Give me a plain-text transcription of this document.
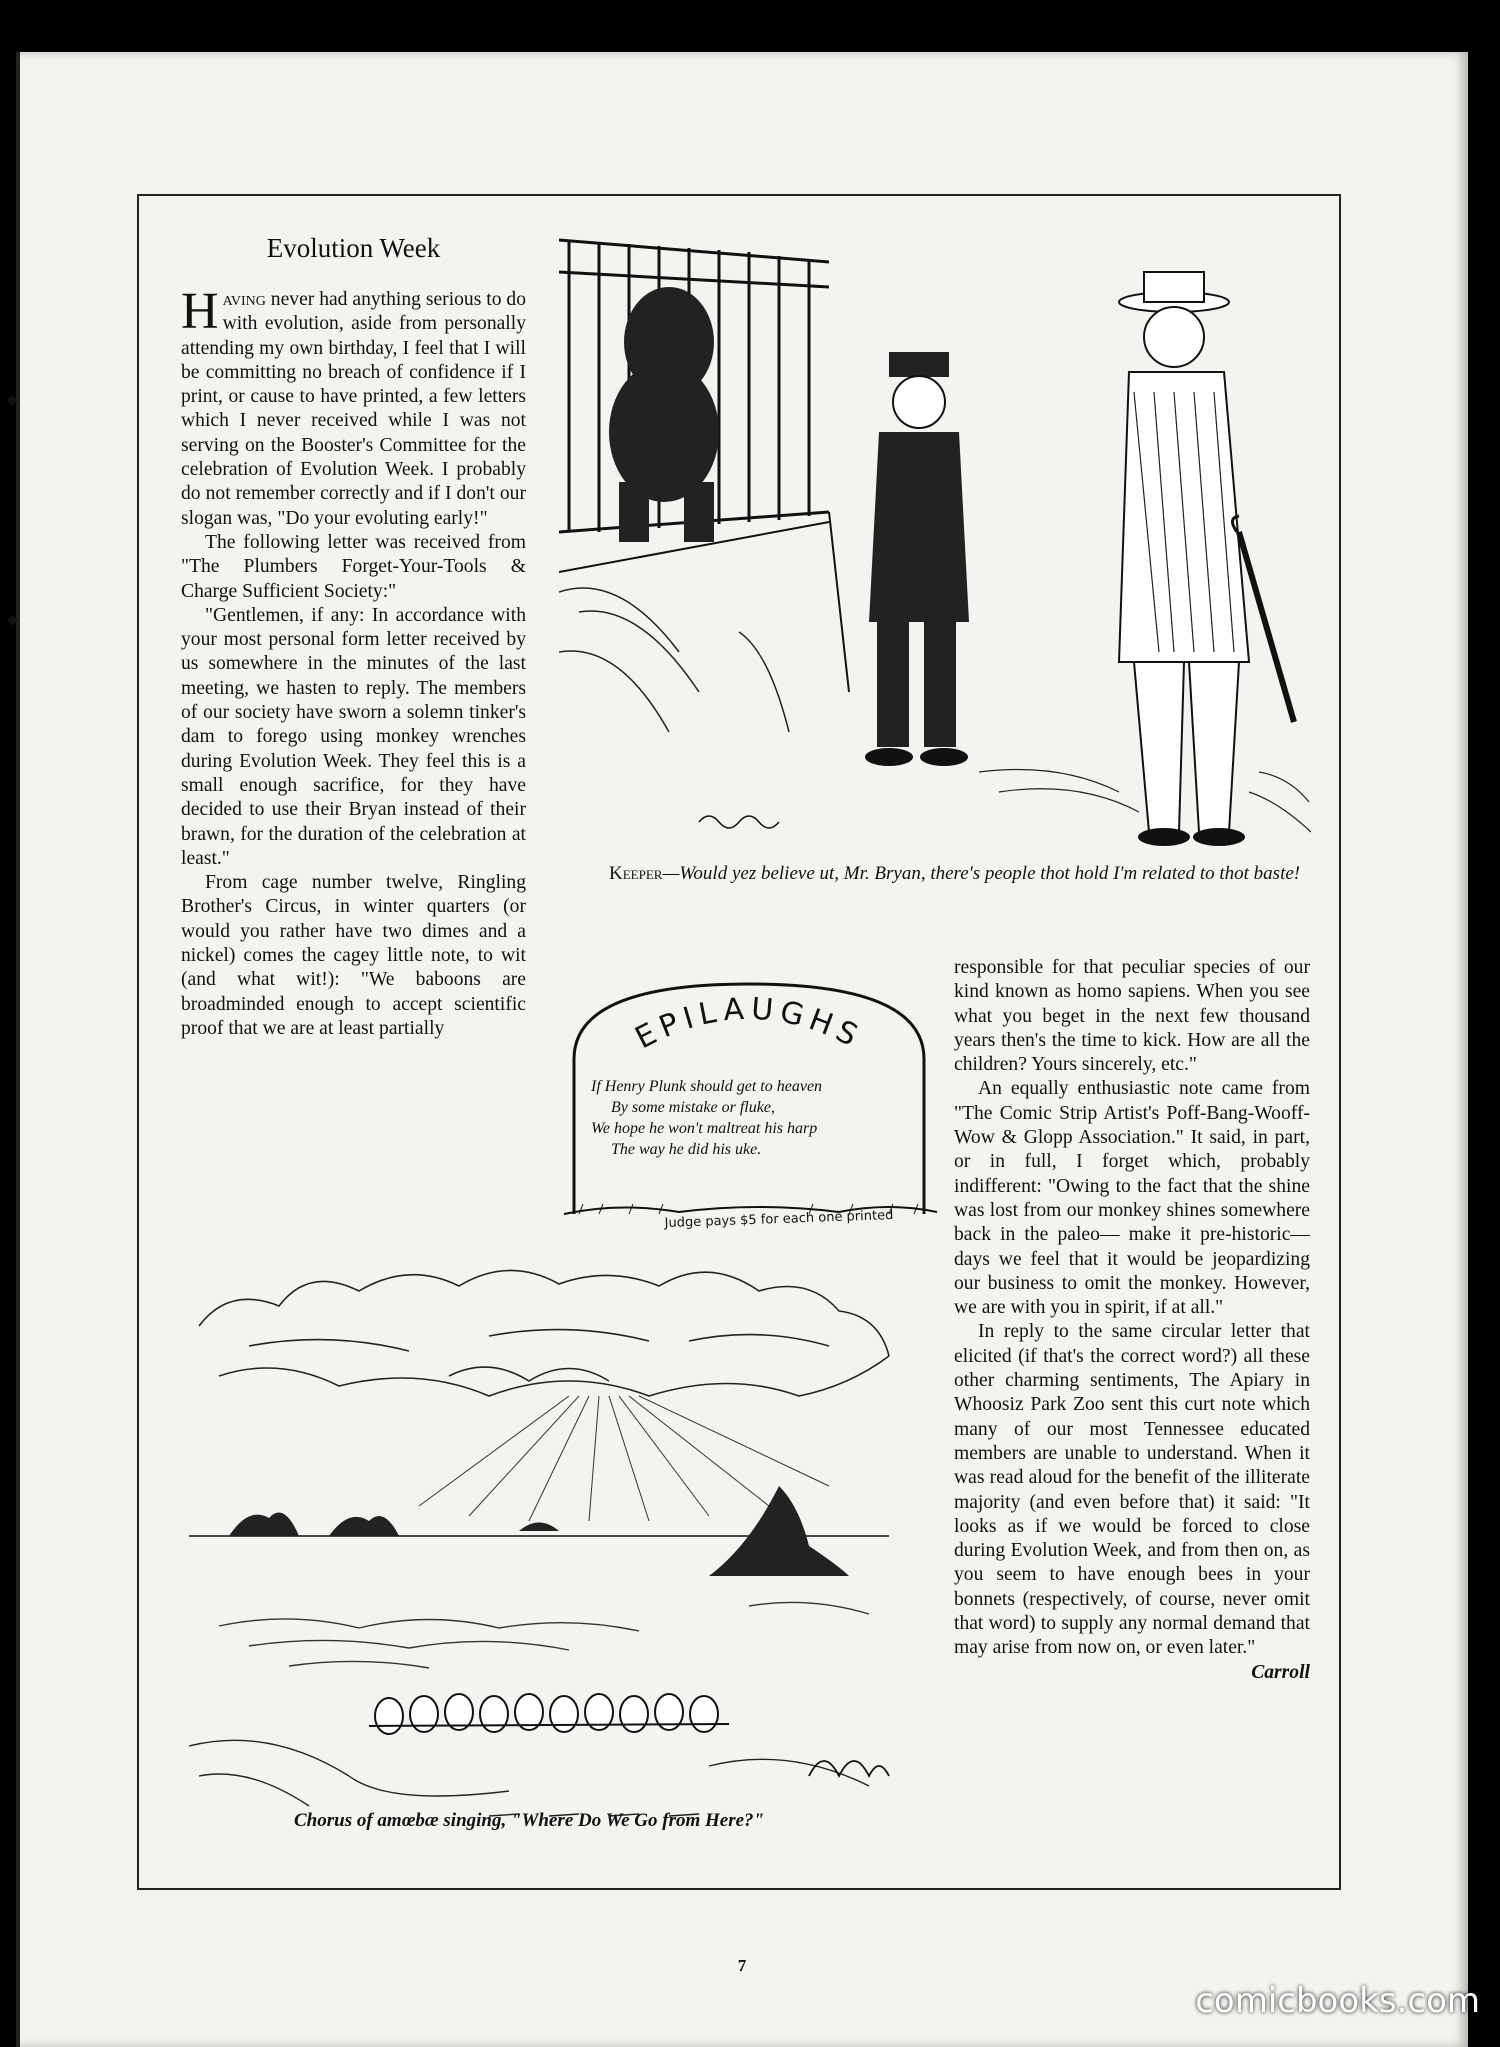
◆
◆
Evolution Week

Having never had anything serious to do with evolution, aside from personally attending my own birthday, I feel that I will be committing no breach of confidence if I print, or cause to have printed, a few letters which I never received while I was not serving on the Booster's Committee for the celebration of Evolution Week. I probably do not remember correctly and if I don't our slogan was, "Do your evoluting early!"

The following letter was received from "The Plumbers Forget-Your-Tools & Charge Sufficient Society:"

"Gentlemen, if any: In accordance with your most personal form letter received by us somewhere in the minutes of the last meeting, we hasten to reply. The members of our society have sworn a solemn tinker's dam to forego using monkey wrenches during Evolution Week. They feel this is a small enough sacrifice, for they have decided to use their Bryan instead of their brawn, for the duration of the celebration at least."

From cage number twelve, Ringling Brother's Circus, in winter quarters (or would you rather have two dimes and a nickel) comes the cagey little note, to wit (and what wit!): "We baboons are broadminded enough to accept scientific proof that we are at least partially

Keeper—Would yez believe ut, Mr. Bryan, there's people thot hold I'm related to thot baste!

EPILAUGHS
If Henry Plunk should get to heaven
By some mistake or fluke,
We hope he won't maltreat his harp
The way he did his uke.
Judge pays $5 for each one printed

responsible for that peculiar species of our kind known as homo sapiens. When you see what you beget in the next few thousand years then's the time to kick. How are all the children? Yours sincerely, etc."

An equally enthusiastic note came from "The Comic Strip Artist's Poff-Bang-Wooff-Wow & Glopp Association." It said, in part, or in full, I forget which, probably indifferent: "Owing to the fact that the shine was lost from our monkey shines somewhere back in the paleo— make it pre-historic—days we feel that it would be jeopardizing our business to omit the monkey. However, we are with you in spirit, if at all."

In reply to the same circular letter that elicited (if that's the correct word?) all these other charming sentiments, The Apiary in Whoosiz Park Zoo sent this curt note which many of our most Tennessee educated members are unable to understand. When it was read aloud for the benefit of the illiterate majority (and even before that) it said: "It looks as if we would be forced to close during Evolution Week, and from then on, as you seem to have enough bees in your bonnets (respectively, of course, never omit that word) to supply any normal demand that may arise from now on, or even later."

Carroll

Chorus of amœbæ singing, "Where Do We Go from Here?"

7
comicbooks.com
